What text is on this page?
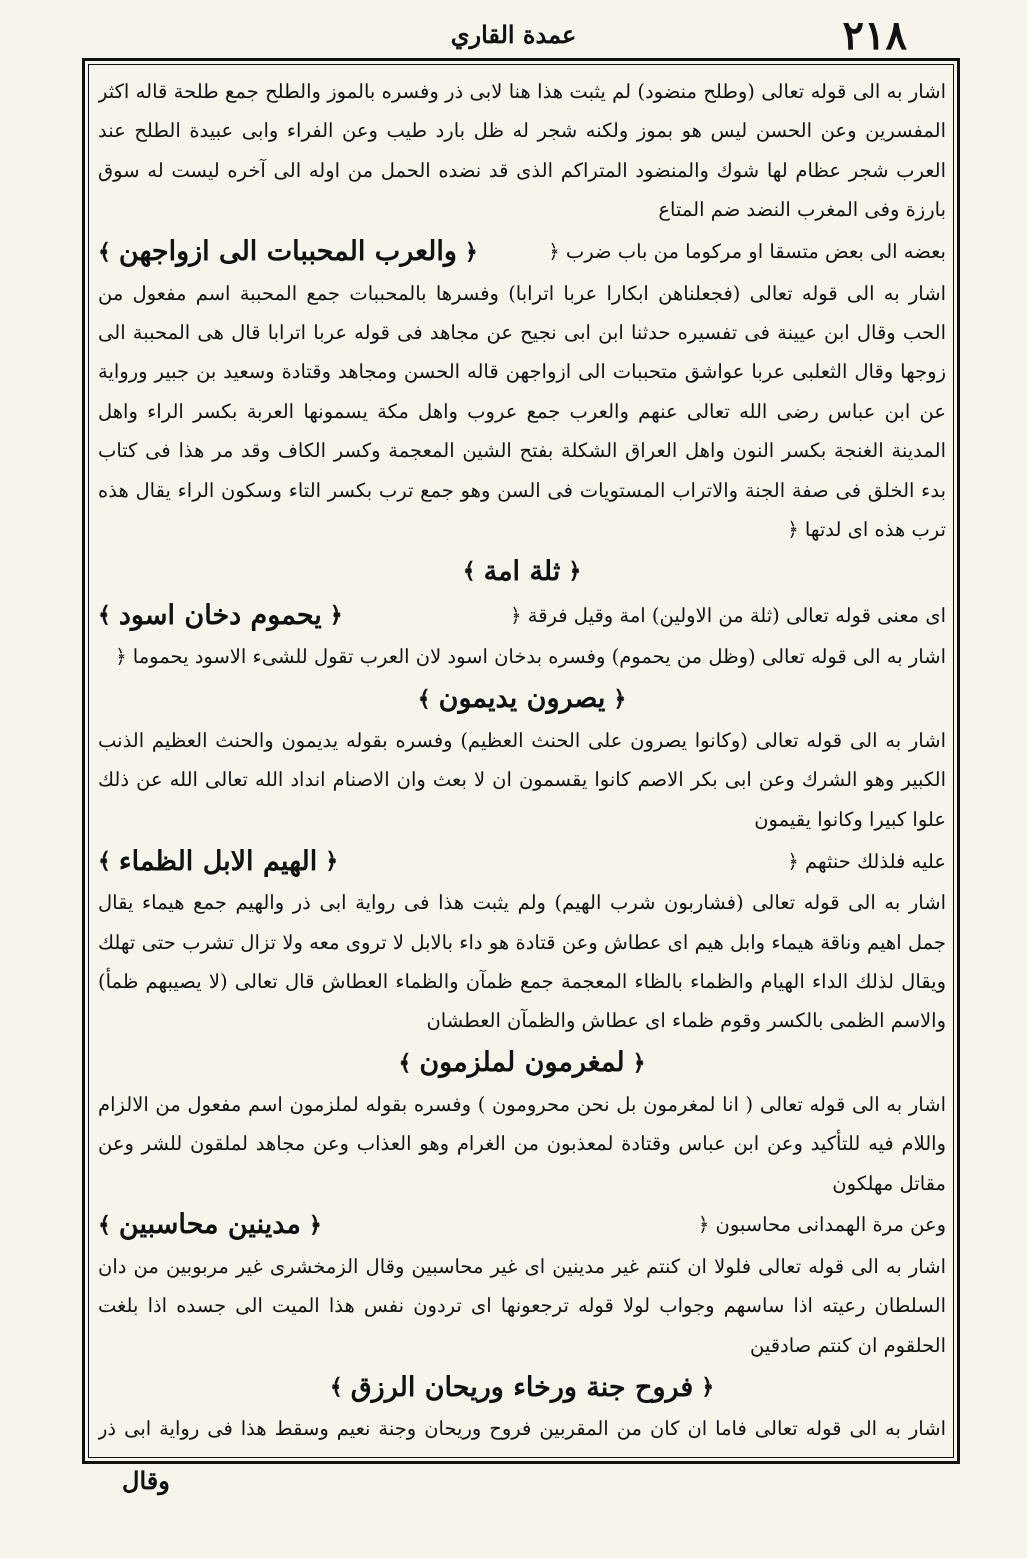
٢١٨
عمدة القاري

اشار به الى قوله تعالى (وطلح منضود) لم يثبت هذا هنا لابى ذر وفسره بالموز والطلح جمع طلحة قاله اكثر المفسرين وعن الحسن ليس هو بموز ولكنه شجر له ظل بارد طيب وعن الفراء وابى عبيدة الطلح عند العرب شجر عظام لها شوك والمنضود المتراكم الذى قد نضده الحمل من اوله الى آخره ليست له سوق بارزة وفى المغرب النضد ضم المتاع

بعضه الى بعض متسقا او مركوما من باب ضرب ﴿
﴿
والعرب المحببات الى ازواجهن
﴾

اشار به الى قوله تعالى (فجعلناهن ابكارا عربا اترابا) وفسرها بالمحببات جمع المحببة اسم مفعول من الحب وقال ابن عيينة فى تفسيره حدثنا ابن ابى نجيح عن مجاهد فى قوله عربا اترابا قال هى المحببة الى زوجها وقال الثعلبى عربا عواشق متحببات الى ازواجهن قاله الحسن ومجاهد وقتادة وسعيد بن جبير ورواية عن ابن عباس رضى الله تعالى عنهم والعرب جمع عروب واهل مكة يسمونها العربة بكسر الراء واهل المدينة الغنجة بكسر النون واهل العراق الشكلة بفتح الشين المعجمة وكسر الكاف وقد مر هذا فى كتاب بدء الخلق فى صفة الجنة والاتراب المستويات فى السن وهو جمع ترب بكسر التاء وسكون الراء يقال هذه ترب هذه اى لدتها ﴿

﴿
ثلة امة
﴾
اى معنى قوله تعالى (ثلة من الاولين) امة وقيل فرقة ﴿
﴿
يحموم دخان اسود
﴾

اشار به الى قوله تعالى (وظل من يحموم) وفسره بدخان اسود لان العرب تقول للشىء الاسود يحموما ﴿

﴿
يصرون يديمون
﴾

اشار به الى قوله تعالى (وكانوا يصرون على الحنث العظيم) وفسره بقوله يديمون والحنث العظيم الذنب الكبير وهو الشرك وعن ابى بكر الاصم كانوا يقسمون ان لا بعث وان الاصنام انداد الله تعالى الله عن ذلك علوا كبيرا وكانوا يقيمون

عليه فلذلك حنثهم ﴿
﴿
الهيم الابل الظماء
﴾

اشار به الى قوله تعالى (فشاربون شرب الهيم) ولم يثبت هذا فى رواية ابى ذر والهيم جمع هيماء يقال جمل اهيم وناقة هيماء وابل هيم اى عطاش وعن قتادة هو داء بالابل لا تروى معه ولا تزال تشرب حتى تهلك ويقال لذلك الداء الهيام والظماء بالظاء المعجمة جمع ظمآن والظماء العطاش قال تعالى (لا يصيبهم ظمأ) والاسم الظمى بالكسر وقوم ظماء اى عطاش والظمآن العطشان

﴿
لمغرمون لملزمون
﴾

اشار به الى قوله تعالى ( انا لمغرمون بل نحن محرومون ) وفسره بقوله لملزمون اسم مفعول من الالزام واللام فيه للتأكيد وعن ابن عباس وقتادة لمعذبون من الغرام وهو العذاب وعن مجاهد لملقون للشر وعن مقاتل مهلكون

وعن مرة الهمدانى محاسبون ﴿
﴿
مدينين محاسبين
﴾

اشار به الى قوله تعالى فلولا ان كنتم غير مدينين اى غير محاسبين وقال الزمخشرى غير مربوبين من دان السلطان رعيته اذا ساسهم وجواب لولا قوله ترجعونها اى تردون نفس هذا الميت الى جسده اذا بلغت الحلقوم ان كنتم صادقين

﴿
فروح جنة ورخاء وريحان الرزق
﴾

اشار به الى قوله تعالى فاما ان كان من المقربين فروح وريحان وجنة نعيم وسقط هذا فى رواية ابى ذر

وقال
